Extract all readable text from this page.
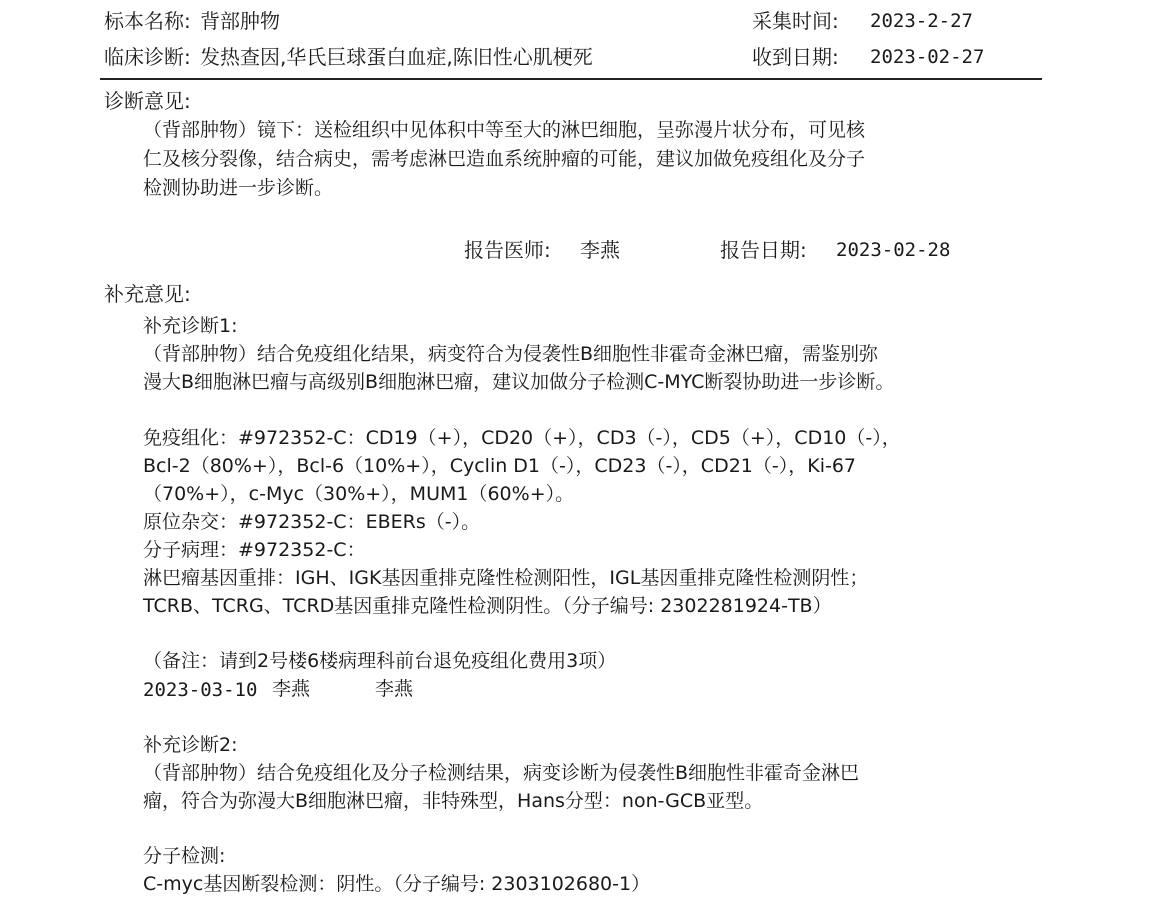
标本名称: 背部肿物	采集时间: 2023-2-27
临床诊断: 发热查因,华氏巨球蛋白血症,陈旧性心肌梗死	收到日期: 2023-02-27
诊断意见:
（背部肿物）镜下：送检组织中见体积中等至大的淋巴细胞，呈弥漫片状分布，可见核
仁及核分裂像，结合病史，需考虑淋巴造血系统肿瘤的可能，建议加做免疫组化及分子
检测协助进一步诊断。
报告医师: 李燕	报告日期: 2023-02-28
补充意见:
补充诊断1:
（背部肿物）结合免疫组化结果，病变符合为侵袭性B细胞性非霍奇金淋巴瘤，需鉴别弥
漫大B细胞淋巴瘤与高级别B细胞淋巴瘤，建议加做分子检测C-MYC断裂协助进一步诊断。
免疫组化：#972352-C：CD19（+），CD20（+），CD3（-），CD5（+），CD10（-），
Bcl-2（80%+），Bcl-6（10%+），Cyclin D1（-），CD23（-），CD21（-），Ki-67
（70%+），c-Myc（30%+），MUM1（60%+）。
原位杂交：#972352-C：EBERs（-）。
分子病理：#972352-C：
淋巴瘤基因重排：IGH、IGK基因重排克隆性检测阳性，IGL基因重排克隆性检测阴性；
TCRB、TCRG、TCRD基因重排克隆性检测阴性。（分子编号: 2302281924-TB）
（备注：请到2号楼6楼病理科前台退免疫组化费用3项）
2023-03-10 李燕	李燕
补充诊断2:
（背部肿物）结合免疫组化及分子检测结果，病变诊断为侵袭性B细胞性非霍奇金淋巴
瘤，符合为弥漫大B细胞淋巴瘤，非特殊型，Hans分型：non-GCB亚型。
分子检测:
C-myc基因断裂检测：阴性。（分子编号: 2303102680-1）
